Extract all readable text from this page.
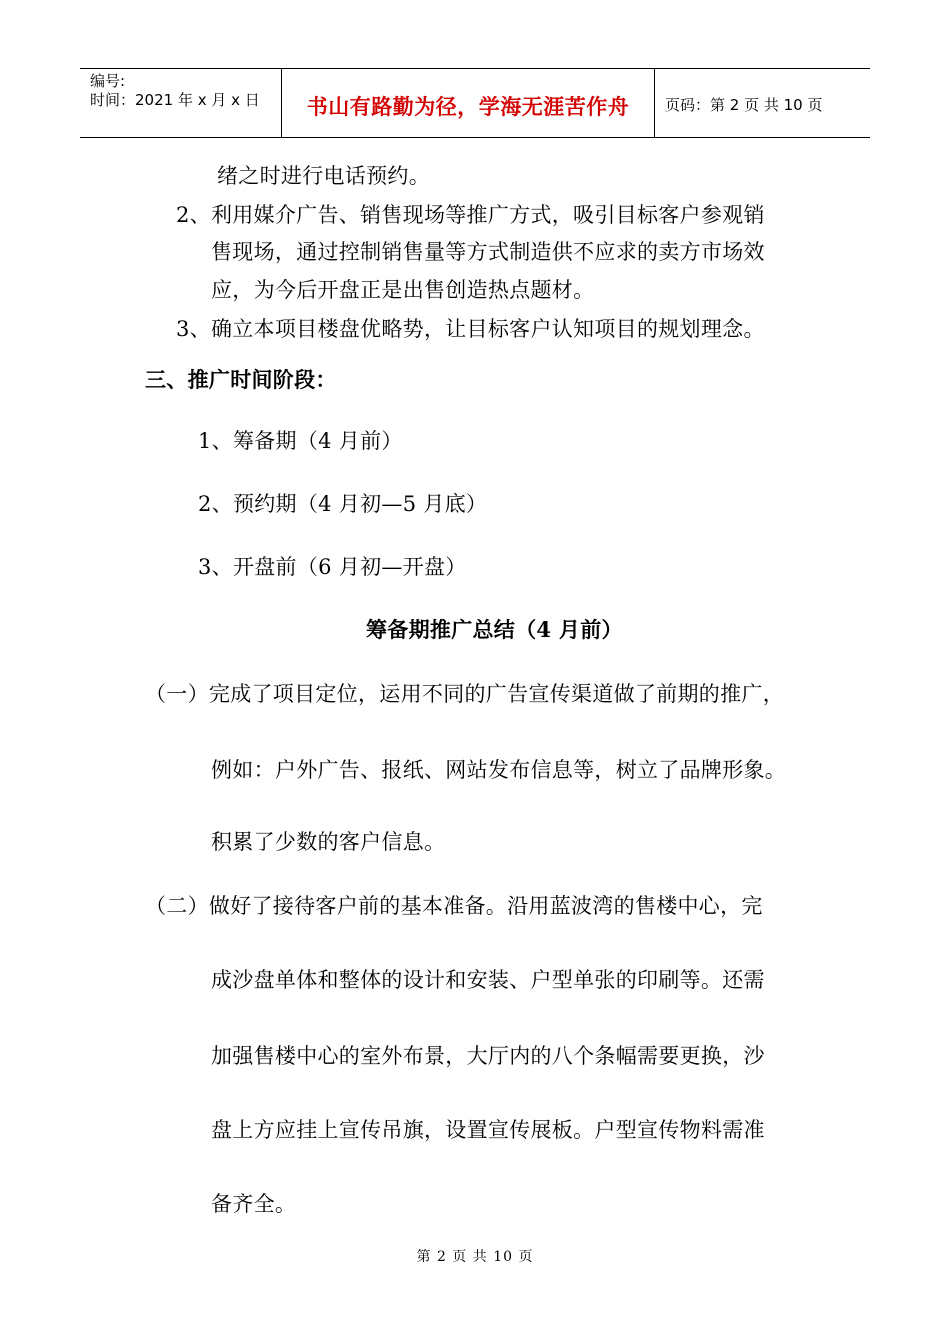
编号:
时间：2021 年 x 月 x 日	书山有路勤为径，学海无涯苦作舟	页码：第 2 页 共 10 页
绪之时进行电话预约。
2、利用媒介广告、销售现场等推广方式，吸引目标客户参观销
售现场，通过控制销售量等方式制造供不应求的卖方市场效
应，为今后开盘正是出售创造热点题材。
3、确立本项目楼盘优略势，让目标客户认知项目的规划理念。
三、推广时间阶段：
1、筹备期（4 月前）
2、预约期（4 月初—5 月底）
3、开盘前（6 月初—开盘）
筹备期推广总结（4 月前）
（一）完成了项目定位，运用不同的广告宣传渠道做了前期的推广，
例如：户外广告、报纸、网站发布信息等，树立了品牌形象。
积累了少数的客户信息。
（二）做好了接待客户前的基本准备。沿用蓝波湾的售楼中心，完
成沙盘单体和整体的设计和安装、户型单张的印刷等。还需
加强售楼中心的室外布景，大厅内的八个条幅需要更换，沙
盘上方应挂上宣传吊旗，设置宣传展板。户型宣传物料需准
备齐全。
第 2 页 共 10 页
